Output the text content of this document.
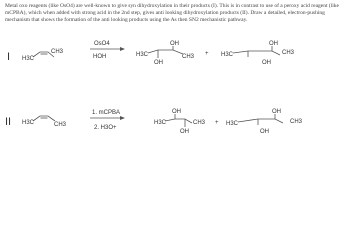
Metal oxo reagents (like OsO4) are well-known to give syn dihydroxylation in their products (I). This is in contrast to use of a peroxy acid reagent (like mCPBA), which when added with strong acid in the 2nd step, gives anti looking dihydroxylation products (II). Draw a detailed, electron-pushing mechanism that shows the formation of the anti looking products using the As then SN2 mechanistic pathway.
I H3C
CH3
OsO4
HOH
OH
H3C
OH
CH3 +
OH
H3C	CH3
OH
II H3C	CH3
1. mCPBA
2. H3O+
OH
H3C	CH3
OH
+
OH
H3C	CH3
OH
